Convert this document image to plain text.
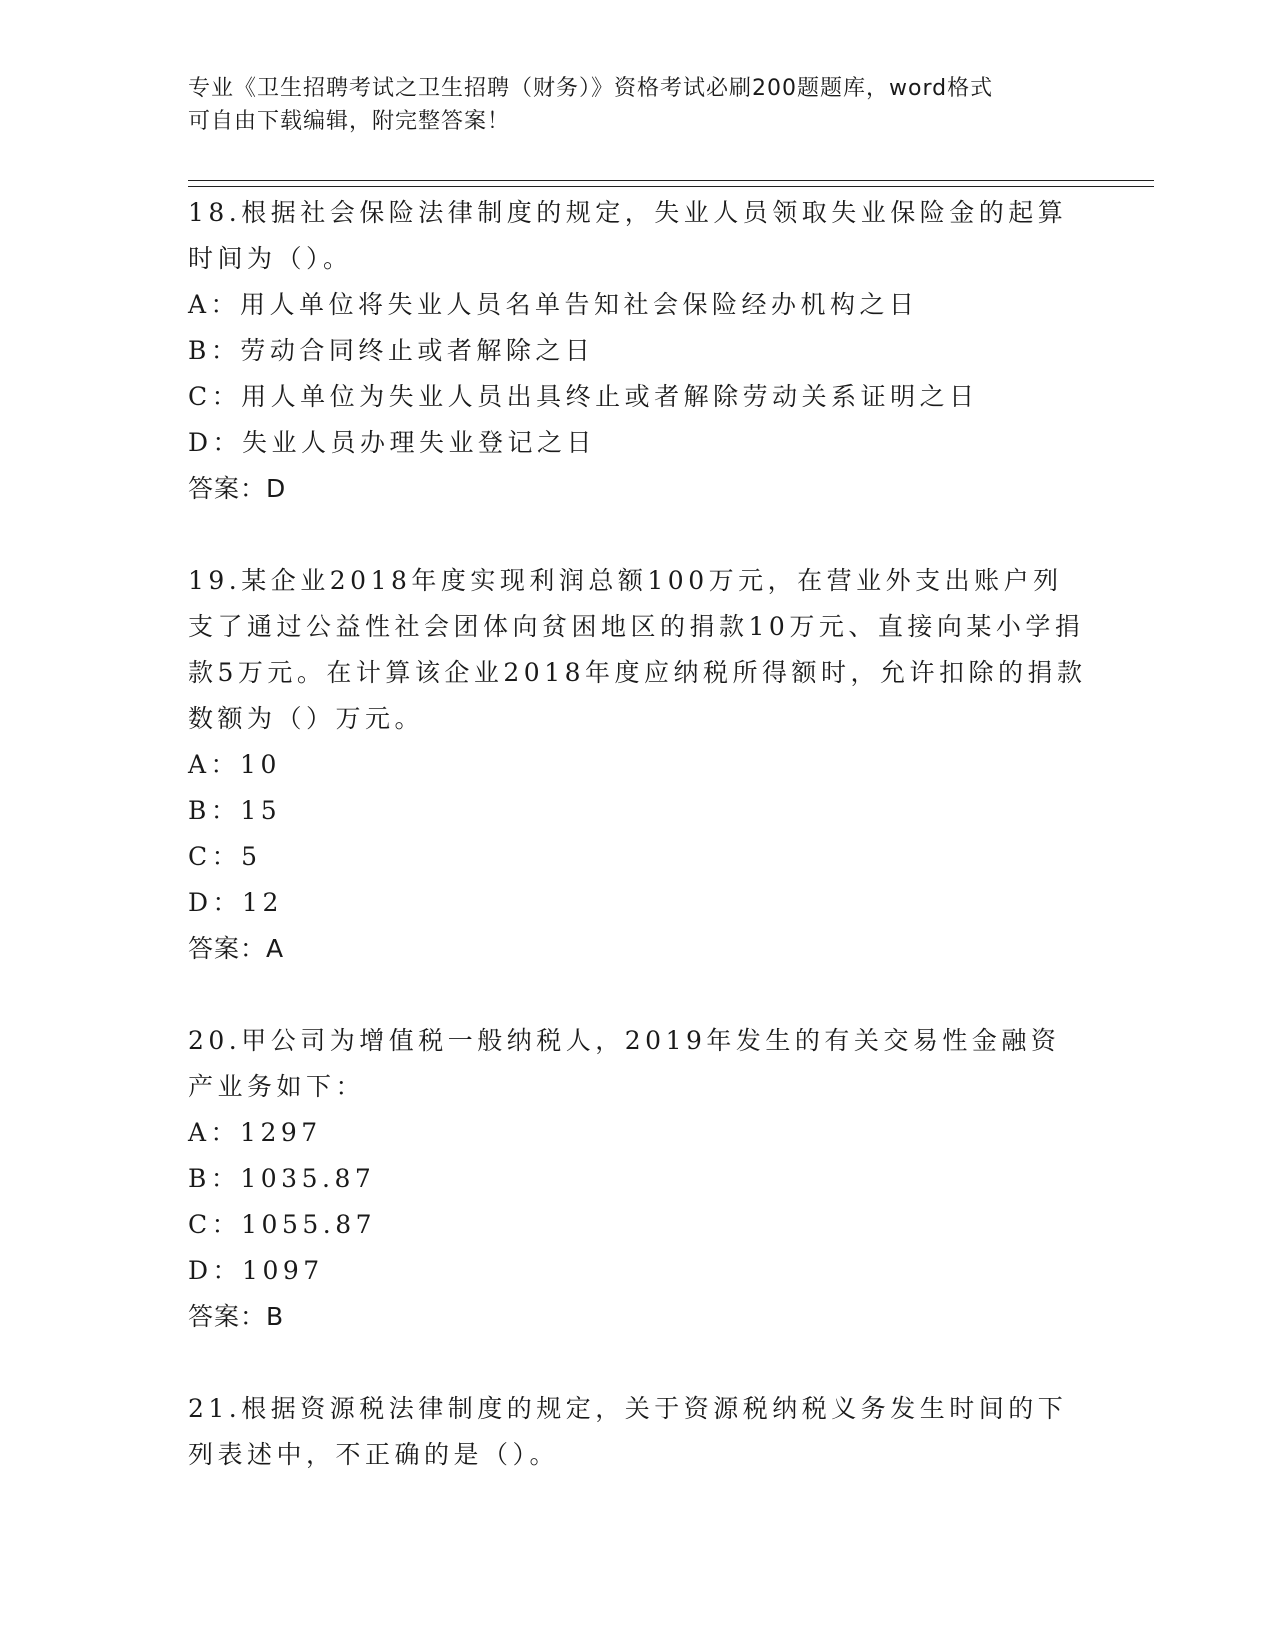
专业《卫生招聘考试之卫生招聘（财务）》资格考试必刷200题题库，word格式
可自由下载编辑，附完整答案！

18.根据社会保险法律制度的规定，失业人员领取失业保险金的起算时间为（）。

A：用人单位将失业人员名单告知社会保险经办机构之日

B：劳动合同终止或者解除之日

C：用人单位为失业人员出具终止或者解除劳动关系证明之日

D：失业人员办理失业登记之日

答案：D

19.某企业2018年度实现利润总额100万元，在营业外支出账户列支了通过公益性社会团体向贫困地区的捐款10万元、直接向某小学捐款5万元。在计算该企业2018年度应纳税所得额时，允许扣除的捐款数额为（）万元。

A：10

B：15

C：5

D：12

答案：A

20.甲公司为增值税一般纳税人，2019年发生的有关交易性金融资产业务如下：

A：1297

B：1035.87

C：1055.87

D：1097

答案：B

21.根据资源税法律制度的规定，关于资源税纳税义务发生时间的下列表述中，不正确的是（）。
